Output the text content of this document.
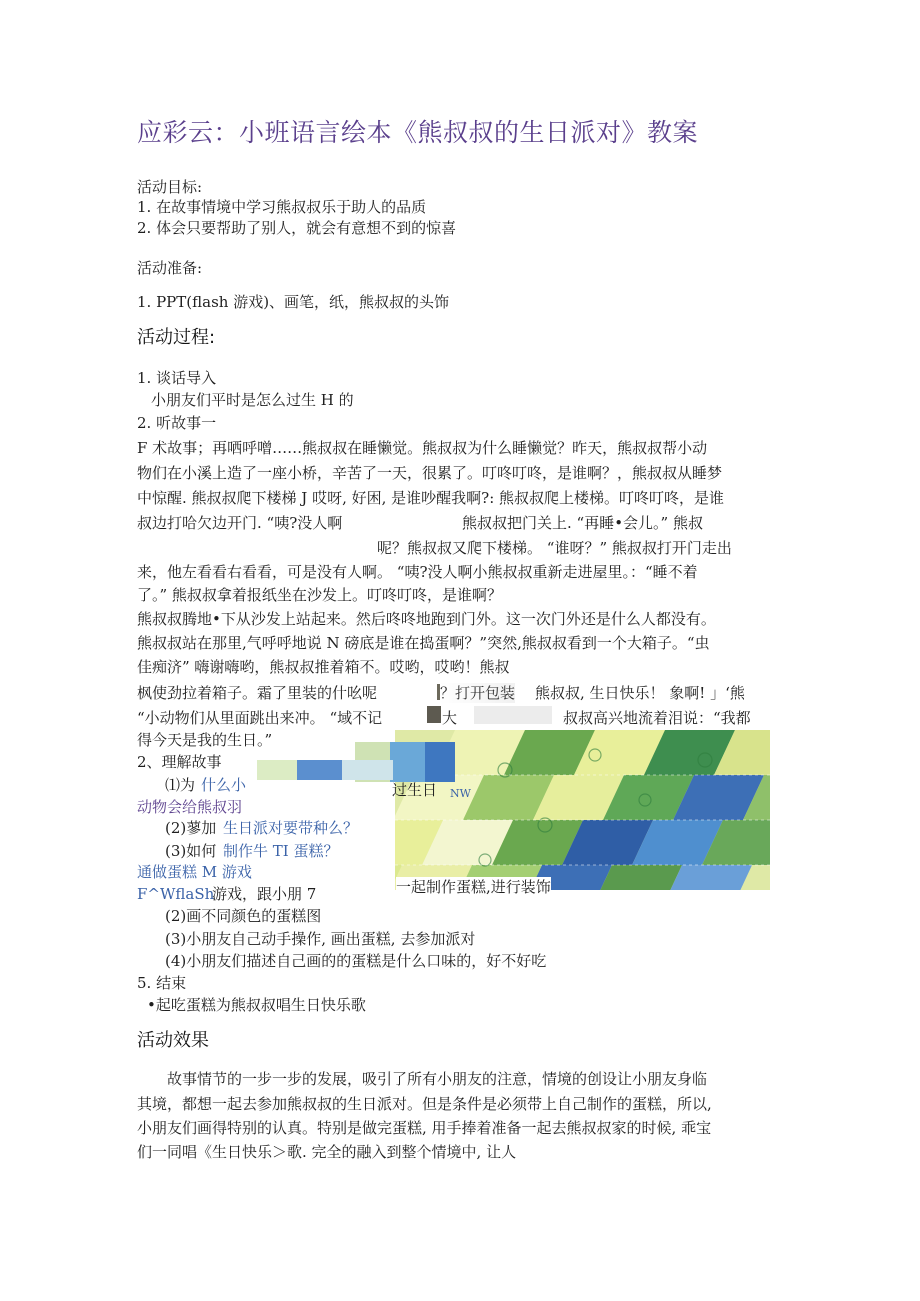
应彩云：小班语言绘本《熊叔叔的生日派对》教案
活动目标:
1. 在故事情境中学习熊叔叔乐于助人的品质
2. 体会只要帮助了别人，就会有意想不到的惊喜
活动准备:
1. PPT(flash 游戏)、画笔，纸，熊叔叔的头饰
活动过程:
1. 谈话导入
小朋友们平时是怎么过生 H 的
2. 听故事一
F 术故事；再哂呼噌……熊叔叔在睡懒觉。熊叔叔为什么睡懒觉？昨天，熊叔叔帮小动
物们在小溪上造了一座小桥，辛苦了一天，很累了。叮咚叮咚，是谁啊？，熊叔叔从睡梦
中惊醒. 熊叔叔爬下楼梯 J 哎呀, 好困, 是谁吵醒我啊?: 熊叔叔爬上楼梯。叮咚叮咚，是谁
叔边打哈欠边开门. “咦?没人啊	熊叔叔把门关上. “再睡•会儿。” 熊叔
呢？熊叔叔又爬下楼梯。 “谁呀？” 熊叔叔打开门走出
来，他左看看右看看，可是没有人啊。 “咦?没人啊小熊叔叔重新走进屋里。：“睡不着
了。” 熊叔叔拿着报纸坐在沙发上。叮咚叮咚，是谁啊？
熊叔叔腾地•下从沙发上站起来。然后咚咚地跑到门外。这一次门外还是什么人都没有。
熊叔叔站在那里,气呼呼地说 N 磅底是谁在捣蛋啊？”突然,熊叔叔看到一个大箱子。“虫
佳痴济” 嗨谢嗨哟，熊叔叔推着箱不。哎哟，哎哟！熊叔
枫使劲拉着箱子。霜了里装的什吆呢	？打开包装 熊叔叔, 生日快乐！ 象啊! 」‘熊
“小动物们从里面跳出来冲。 “域不记	大	叔叔高兴地流着泪说：“我都
得今天是我的生日。”
2、理解故事
⑴为 什么小	过生日 NW
动物会给熊叔羽
(2)蓼加 生日派对要带种么？
(3)如何 制作牛 TI 蛋糕？
通做蛋糕 M 游戏
F^WflaSh
游戏，跟小朋 7	一起制作蛋糕,进行装饰
(2)画不同颜色的蛋糕图
(3)小朋友自己动手操作, 画出蛋糕, 去参加派对
(4)小朋友们描述自己画的的蛋糕是什么口味的，好不好吃
5. 结束
•起吃蛋糕为熊叔叔唱生日快乐歌
活动效果
故事情节的一步一步的发展，吸引了所有小朋友的注意，情境的创设让小朋友身临
其境，都想一起去参加熊叔叔的生日派对。但是条件是必须带上自己制作的蛋糕，所以,
小朋友们画得特别的认真。特别是做完蛋糕, 用手捧着准备一起去熊叔叔家的时候, 乖宝
们一同唱《生日快乐＞歌. 完全的融入到整个情境中, 让人
